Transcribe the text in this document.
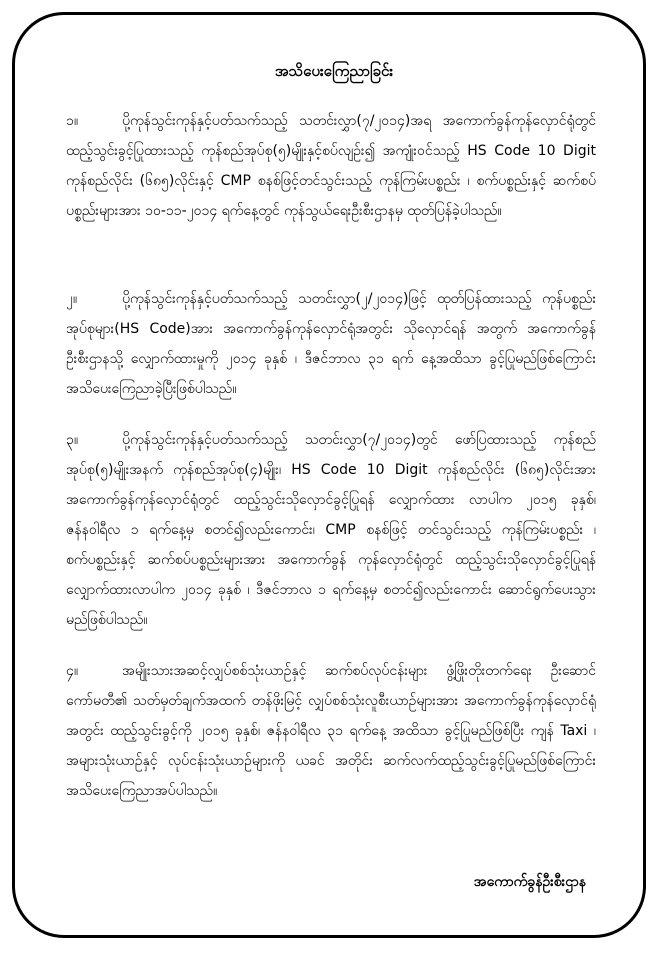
အသိပေးကြေညာခြင်း
၁။	ပို့ကုန်သွင်းကုန်နှင့်ပတ်သက်သည့် သတင်းလွှာ(၇/၂၀၁၄)အရ အကောက်ခွန်ကုန်လှောင်ရုံတွင် ထည့်သွင်းခွင့်ပြုထားသည့် ကုန်စည်အုပ်စု(၅)မျိုးနှင့်စပ်လျဉ်း၍ အကျုံးဝင်သည့် HS Code 10 Digit ကုန်စည်လိုင်း (၆၈၅)လိုင်းနှင့် CMP စနစ်ဖြင့်တင်သွင်းသည့် ကုန်ကြမ်းပစ္စည်း ၊ စက်ပစ္စည်းနှင့် ဆက်စပ်ပစ္စည်းများအား ၁၀-၁၁-၂၀၁၄ ရက်နေ့တွင် ကုန်သွယ်ရေးဦးစီးဌာနမှ ထုတ်ပြန်ခဲ့ပါသည်။
၂။	ပို့ကုန်သွင်းကုန်နှင့်ပတ်သက်သည့် သတင်းလွှာ(၂/၂၀၁၄)ဖြင့် ထုတ်ပြန်ထားသည့် ကုန်ပစ္စည်းအုပ်စုများ(HS Code)အား အကောက်ခွန်ကုန်လှောင်ရုံအတွင်း သိုလှောင်ရန် အတွက် အကောက်ခွန်ဦးစီးဌာနသို့ လျှောက်ထားမှုကို ၂၀၁၄ ခုနှစ် ၊ ဒီဇင်ဘာလ ၃၁ ရက် နေ့အထိသာ ခွင့်ပြုမည်ဖြစ်ကြောင်း အသိပေးကြေညာခဲ့ပြီးဖြစ်ပါသည်။
၃။	ပို့ကုန်သွင်းကုန်နှင့်ပတ်သက်သည့် သတင်းလွှာ(၇/၂၀၁၄)တွင် ဖော်ပြထားသည့် ကုန်စည်အုပ်စု(၅)မျိုးအနက် ကုန်စည်အုပ်စု(၄)မျိုး၊ HS Code 10 Digit ကုန်စည်လိုင်း (၆၈၅)လိုင်းအား အကောက်ခွန်ကုန်လှောင်ရုံတွင် ထည့်သွင်းသိုလှောင်ခွင့်ပြုရန် လျှောက်ထား လာပါက ၂၀၁၅ ခုနှစ်၊ ဇန်နဝါရီလ ၁ ရက်နေ့မှ စတင်၍လည်းကောင်း၊ CMP စနစ်ဖြင့် တင်သွင်းသည့် ကုန်ကြမ်းပစ္စည်း ၊ စက်ပစ္စည်းနှင့် ဆက်စပ်ပစ္စည်းများအား အကောက်ခွန် ကုန်လှောင်ရုံတွင် ထည့်သွင်းသိုလှောင်ခွင့်ပြုရန် လျှောက်ထားလာပါက ၂၀၁၄ ခုနှစ် ၊ ဒီဇင်ဘာလ ၁ ရက်နေ့မှ စတင်၍လည်းကောင်း ဆောင်ရွက်ပေးသွားမည်ဖြစ်ပါသည်။
၄။	အမျိုးသားအဆင့်လျှပ်စစ်သုံးယာဉ်နှင့် ဆက်စပ်လုပ်ငန်းများ ဖွံ့ဖြိုးတိုးတက်ရေး ဦးဆောင်ကော်မတီ၏ သတ်မှတ်ချက်အထက် တန်ဖိုးမြင့် လျှပ်စစ်သုံးလူစီးယာဉ်များအား အကောက်ခွန်ကုန်လှောင်ရုံအတွင်း ထည့်သွင်းခွင့်ကို ၂၀၁၅ ခုနှစ်၊ ဇန်နဝါရီလ ၃၁ ရက်နေ့ အထိသာ ခွင့်ပြုမည်ဖြစ်ပြီး ကျန် Taxi ၊ အများသုံးယာဉ်နှင့် လုပ်ငန်းသုံးယာဉ်များကို ယခင် အတိုင်း ဆက်လက်ထည့်သွင်းခွင့်ပြုမည်ဖြစ်ကြောင်း အသိပေးကြေညာအပ်ပါသည်။
အကောက်ခွန်ဦးစီးဌာန
